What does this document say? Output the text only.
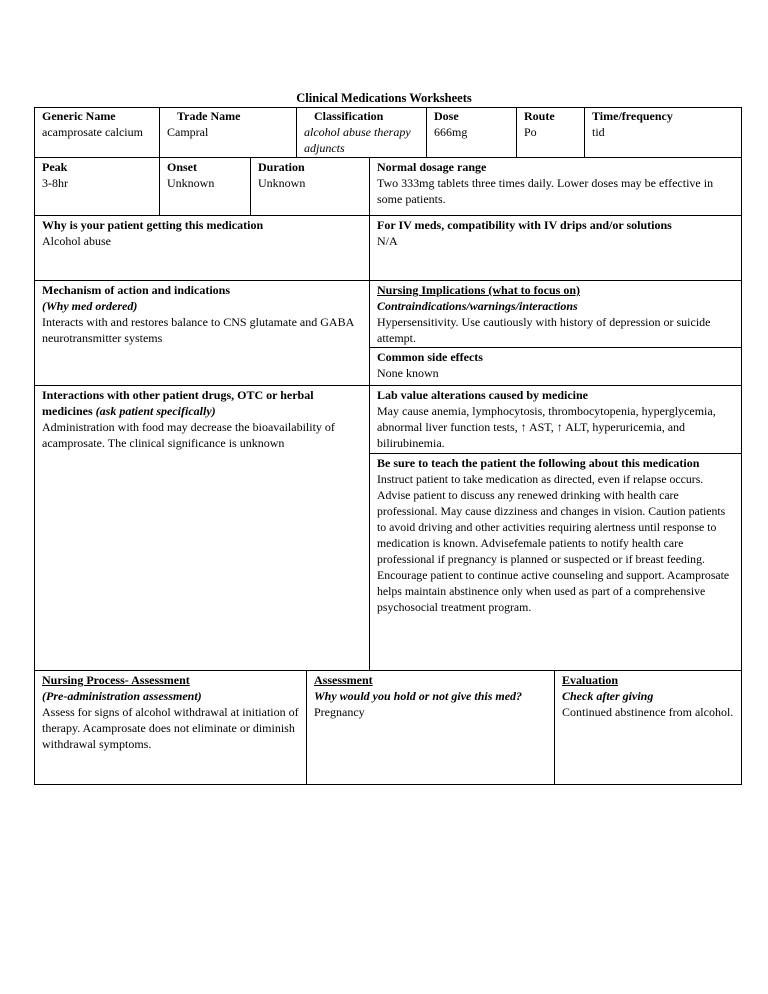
Clinical Medications Worksheets
Generic Name
acamprosate calcium
Trade Name
Campral
Classification
alcohol abuse therapy adjuncts
Dose
666mg
Route
Po
Time/frequency
tid
Peak
3-8hr
Onset
Unknown
Duration
Unknown
Normal dosage range
Two 333mg tablets three times daily. Lower doses may be effective in some patients.
Why is your patient getting this medication
Alcohol abuse
For IV meds, compatibility with IV drips and/or solutions
N/A
Mechanism of action and indications
(Why med ordered)
Interacts with and restores balance to CNS glutamate and GABA neurotransmitter systems
Nursing Implications (what to focus on)
Contraindications/warnings/interactions
Hypersensitivity. Use cautiously with history of depression or suicide attempt.
Common side effects
None known
Interactions with other patient drugs, OTC or herbal medicines (ask patient specifically)
Administration with food may decrease the bioavailability of acamprosate. The clinical significance is unknown
Lab value alterations caused by medicine
May cause anemia, lymphocytosis, thrombocytopenia, hyperglycemia, abnormal liver function tests, ↑ AST, ↑ ALT, hyperuricemia, and bilirubinemia.
Be sure to teach the patient the following about this medication
Instruct patient to take medication as directed, even if relapse occurs. Advise patient to discuss any renewed drinking with health care professional. May cause dizziness and changes in vision. Caution patients to avoid driving and other activities requiring alertness until response to medication is known. Advisefemale patients to notify health care professional if pregnancy is planned or suspected or if breast feeding. Encourage patient to continue active counseling and support. Acamprosate helps maintain abstinence only when used as part of a comprehensive psychosocial treatment program.
Nursing Process- Assessment
(Pre-administration assessment)
Assess for signs of alcohol withdrawal at initiation of therapy. Acamprosate does not eliminate or diminish withdrawal symptoms.
Assessment
Why would you hold or not give this med?
Pregnancy
Evaluation
Check after giving
Continued abstinence from alcohol.
